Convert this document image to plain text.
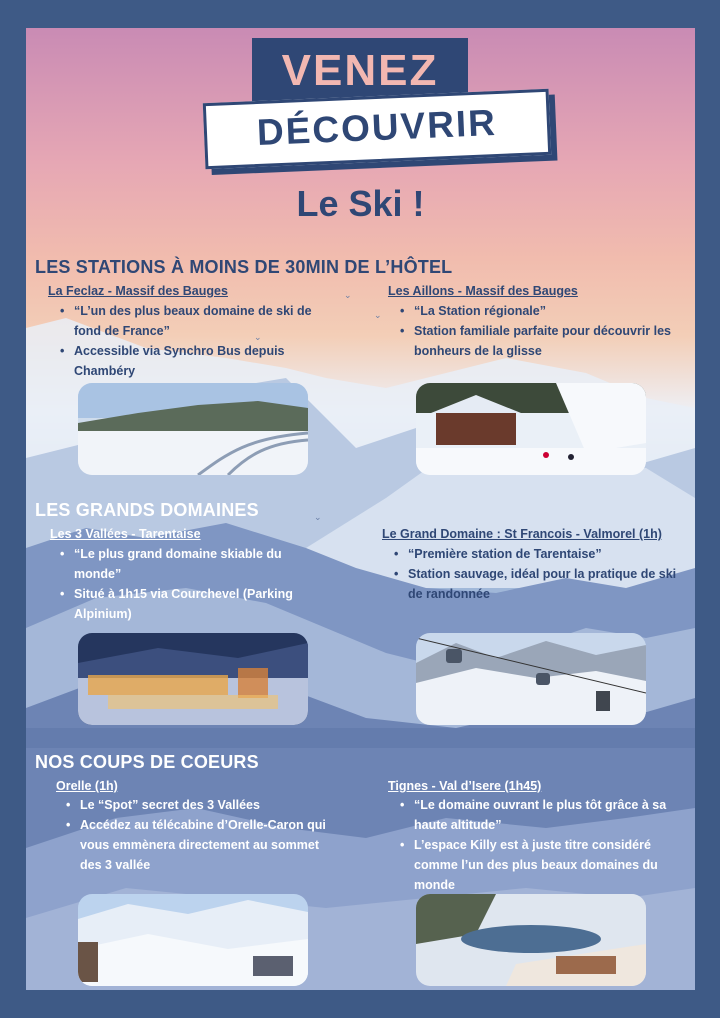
⌄
⌄
⌄
⌄
VENEZ
DÉCOUVRIR
Le Ski !
LES STATIONS À MOINS DE 30MIN DE L’HÔTEL
La Feclaz - Massif des Bauges
• “L’un des plus beaux domaine de ski de fond de France”
• Accessible via Synchro Bus depuis Chambéry
Les Aillons - Massif des Bauges
• “La Station régionale”
• Station familiale parfaite pour découvrir les bonheurs de la glisse
LES GRANDS DOMAINES
Les 3 Vallées - Tarentaise
• “Le plus grand domaine skiable du monde”
• Situé à 1h15 via Courchevel (Parking Alpinium)
Le Grand Domaine : St Francois - Valmorel (1h)
• “Première station de Tarentaise”
• Station sauvage, idéal pour la pratique de ski de randonnée
NOS COUPS DE COEURS
Orelle (1h)
• Le “Spot” secret des 3 Vallées
• Accédez au télécabine d’Orelle-Caron qui vous emmènera directement au sommet des 3 vallée
Tignes - Val d’Isere (1h45)
• “Le domaine ouvrant le plus tôt grâce à sa haute altitude”
• L’espace Killy est à juste titre considéré comme l’un des plus beaux domaines du monde
